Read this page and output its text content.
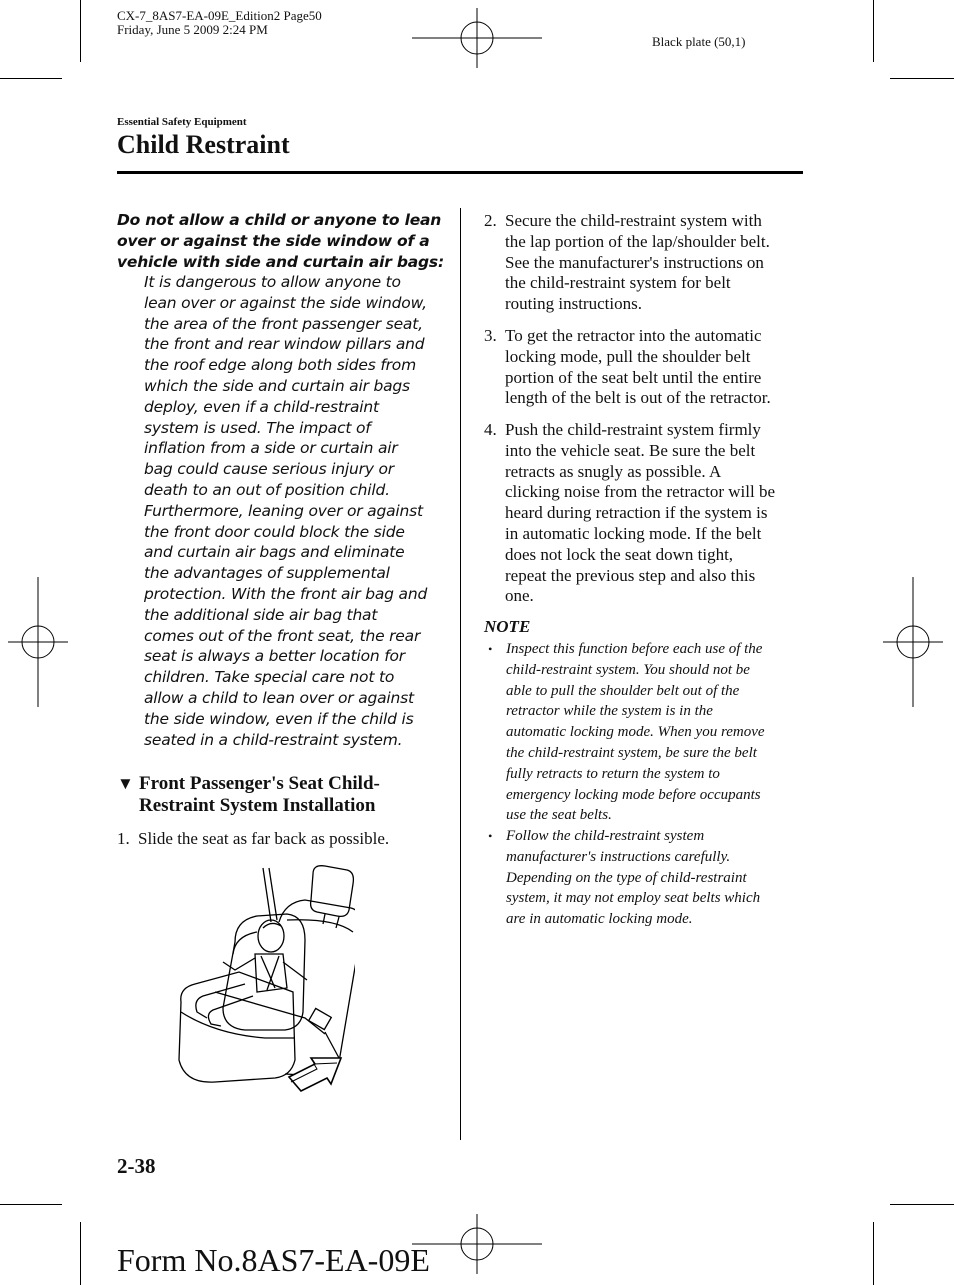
CX-7_8AS7-EA-09E_Edition2 Page50
Friday, June 5 2009 2:24 PM
Black plate (50,1)
Essential Safety Equipment
Child Restraint
Do not allow a child or anyone to lean
over or against the side window of a
vehicle with side and curtain air bags:
It is dangerous to allow anyone to
lean over or against the side window,
the area of the front passenger seat,
the front and rear window pillars and
the roof edge along both sides from
which the side and curtain air bags
deploy, even if a child-restraint
system is used. The impact of
inflation from a side or curtain air
bag could cause serious injury or
death to an out of position child.
Furthermore, leaning over or against
the front door could block the side
and curtain air bags and eliminate
the advantages of supplemental
protection. With the front air bag and
the additional side air bag that
comes out of the front seat, the rear
seat is always a better location for
children. Take special care not to
allow a child to lean over or against
the side window, even if the child is
seated in a child-restraint system.
▼ Front Passenger's Seat Child-
Restraint System Installation
1. Slide the seat as far back as possible.
2. Secure the child-restraint system with
the lap portion of the lap/shoulder belt.
See the manufacturer's instructions on
the child-restraint system for belt
routing instructions.
3. To get the retractor into the automatic
locking mode, pull the shoulder belt
portion of the seat belt until the entire
length of the belt is out of the retractor.
4. Push the child-restraint system firmly
into the vehicle seat. Be sure the belt
retracts as snugly as possible. A
clicking noise from the retractor will be
heard during retraction if the system is
in automatic locking mode. If the belt
does not lock the seat down tight,
repeat the previous step and also this
one.
NOTE
• Inspect this function before each use of the
child-restraint system. You should not be
able to pull the shoulder belt out of the
retractor while the system is in the
automatic locking mode. When you remove
the child-restraint system, be sure the belt
fully retracts to return the system to
emergency locking mode before occupants
use the seat belts.
• Follow the child-restraint system
manufacturer's instructions carefully.
Depending on the type of child-restraint
system, it may not employ seat belts which
are in automatic locking mode.
2-38
Form No.8AS7-EA-09E
